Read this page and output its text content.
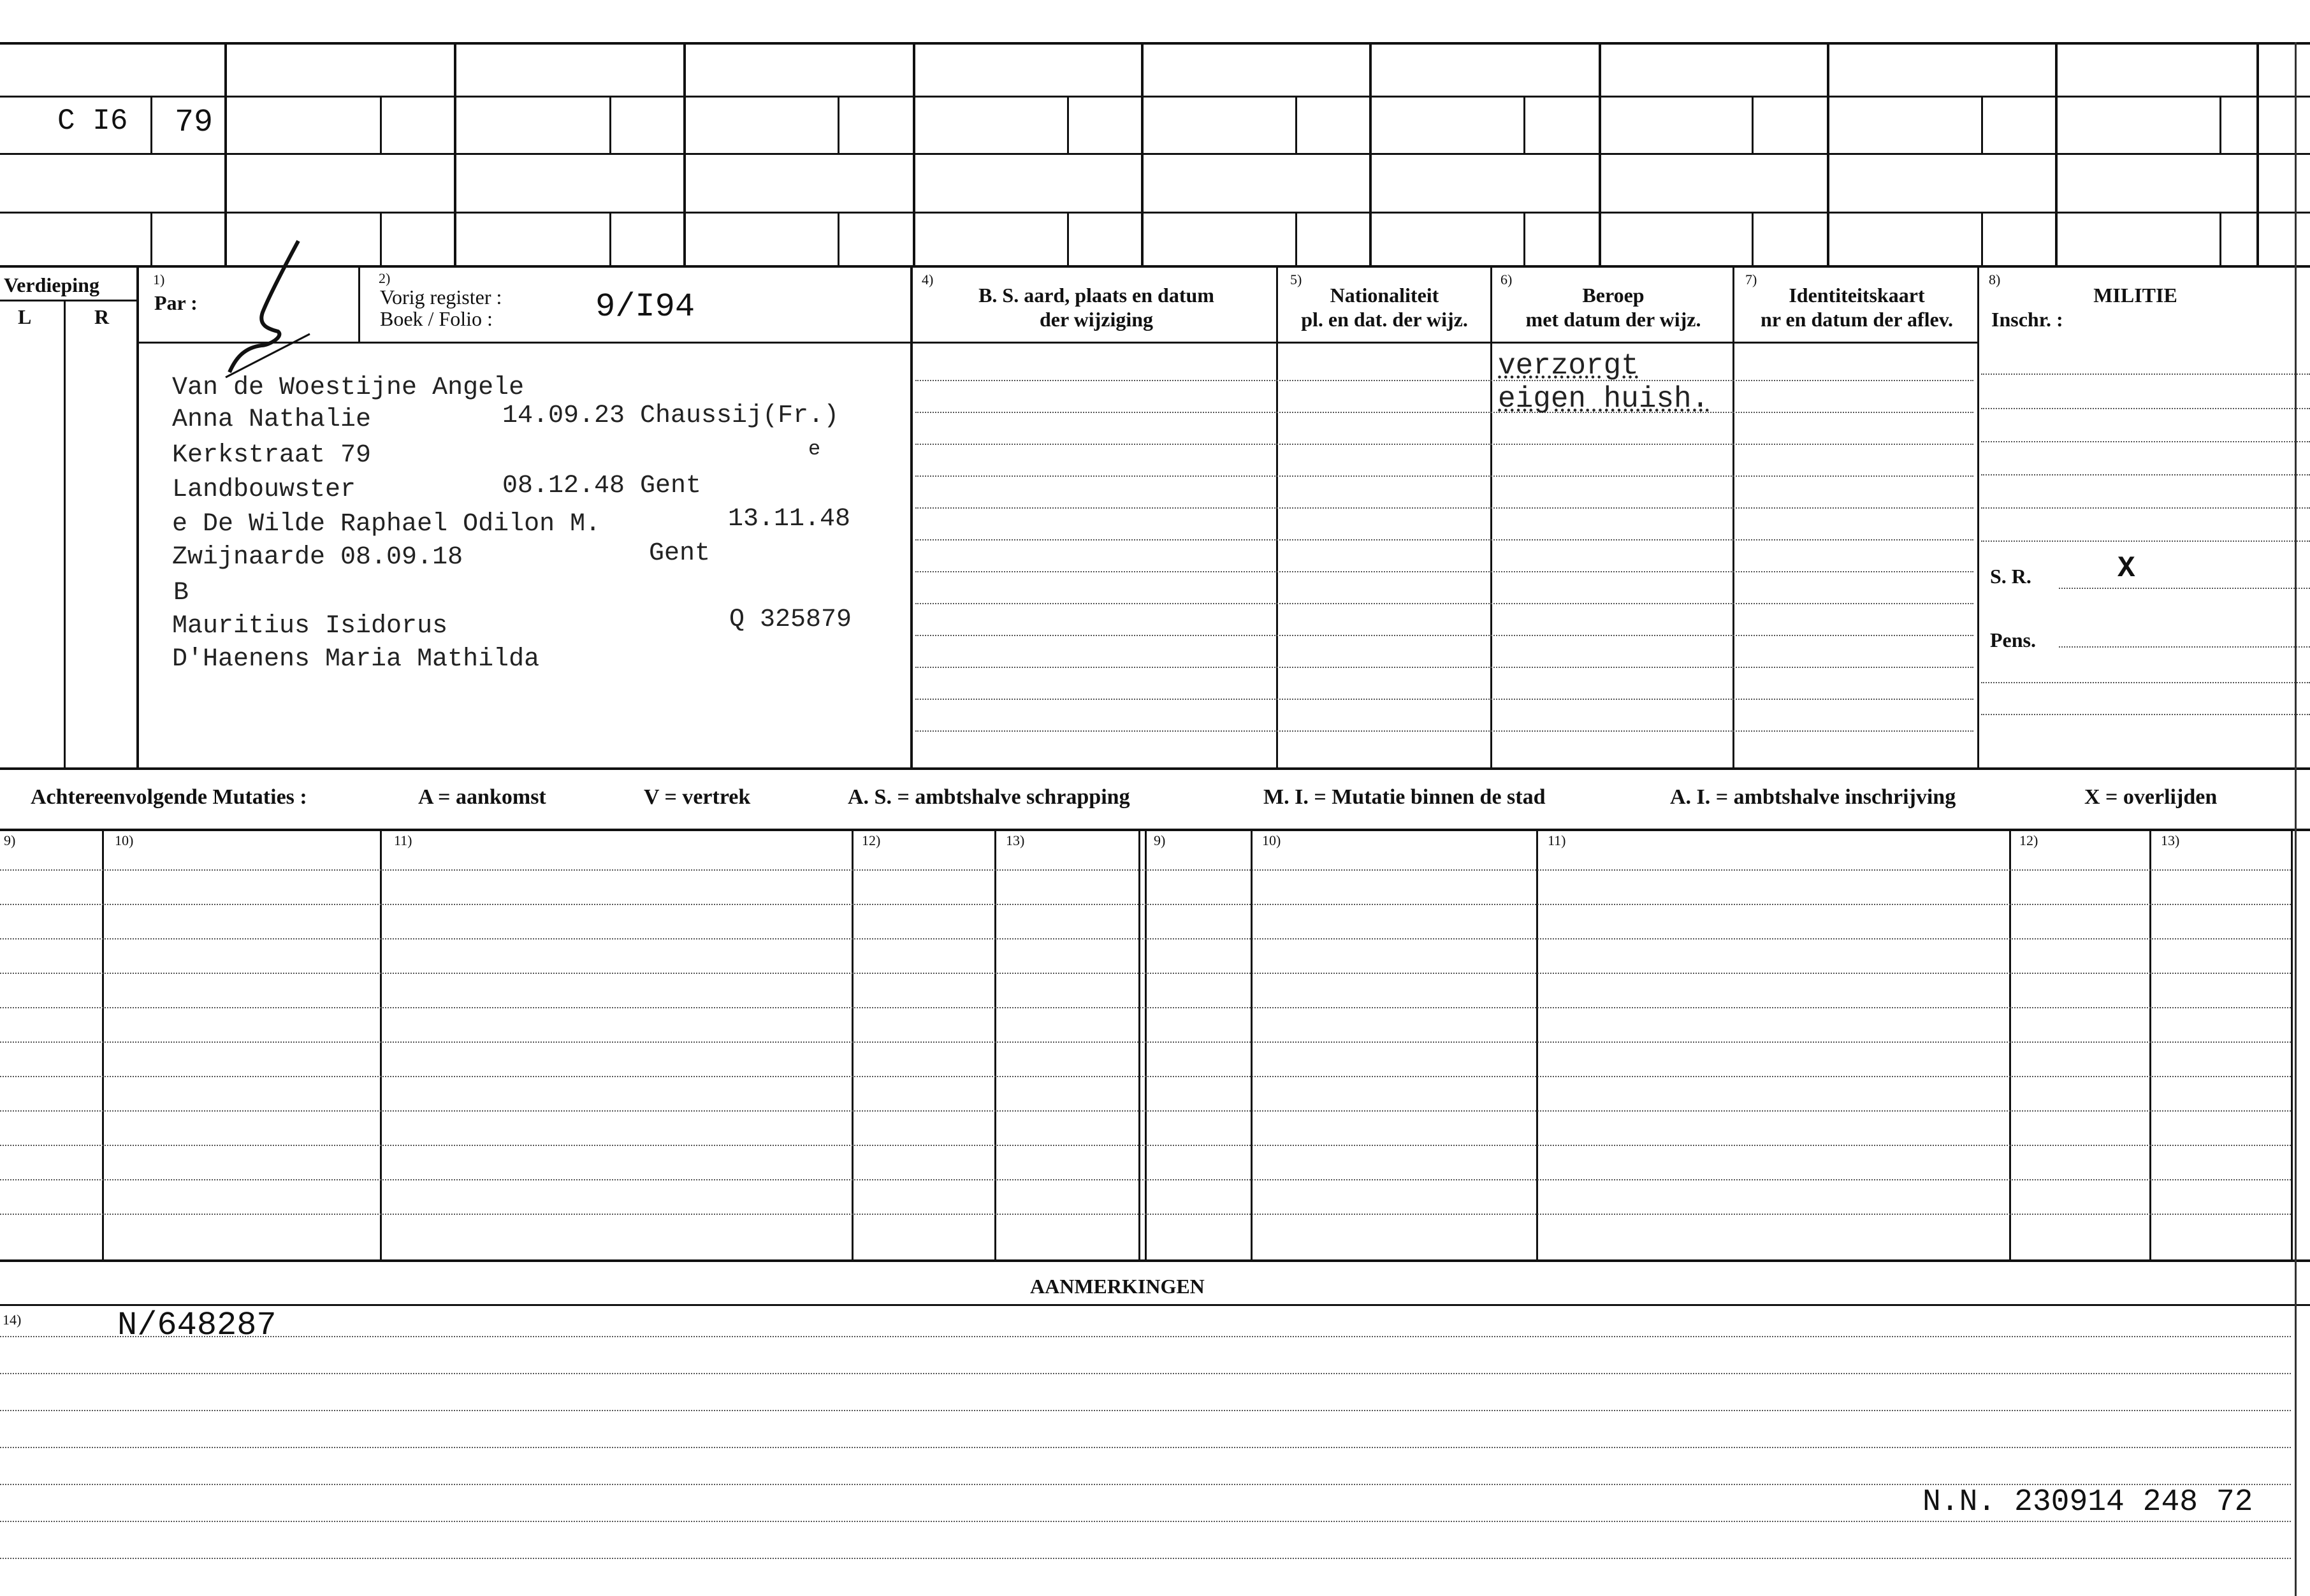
C I6 79
Verdieping
L	R
1)
Par :
2)
Vorig register :
Boek / Folio :	9/I94
4)
B. S. aard, plaats en datum
der wijziging
5)
Nationaliteit
pl. en dat. der wijz.
6)
Beroep
met datum der wijz.
7)
Identiteitskaart
nr en datum der aflev.
8)
MILITIE
Inschr. :
Van de Woestijne Angele
Anna Nathalie	14.09.23 Chaussij(Fr.)
Kerkstraat 79	e
Landbouwster	08.12.48 Gent
e De Wilde Raphael Odilon M.	13.11.48
Zwijnaarde 08.09.18	Gent
B
Mauritius Isidorus	Q 325879
D'Haenens Maria Mathilda
verzorgt
eigen huish.
S. R.	X
Pens.
Achtereenvolgende Mutaties :	A = aankomst	V = vertrek	A. S. = ambtshalve schrapping	M. I. = Mutatie binnen de stad	A. I. = ambtshalve inschrijving	X = overlijden
9)	10)	11)	12)	13)	9)	10)	11)	12)	13)
AANMERKINGEN
14)	N/648287
N.N. 230914 248 72
